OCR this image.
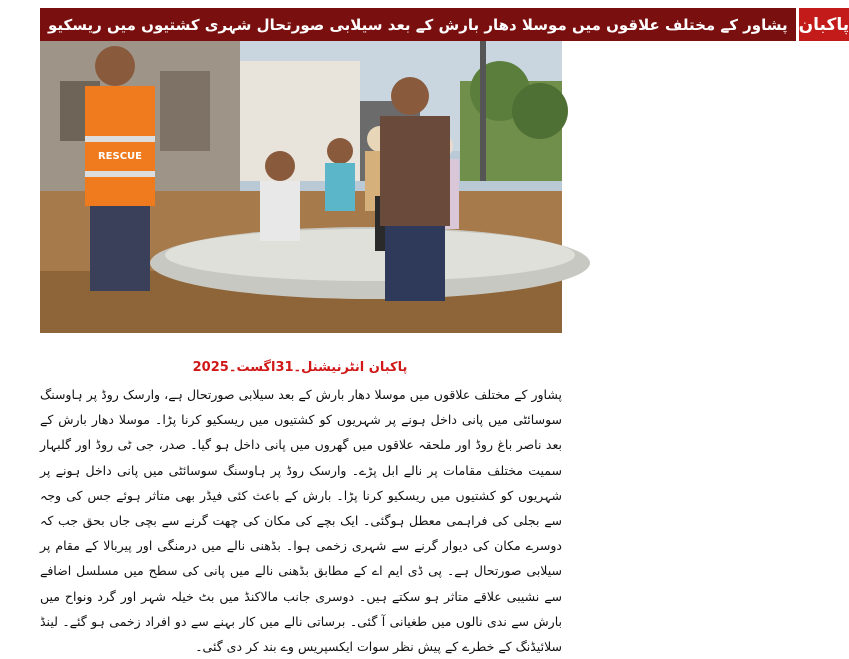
پشاور کے مختلف علاقوں میں موسلا دھار بارش کے بعد سیلابی صورتحال شہری کشتیوں میں ریسکیو پاکبان
RESCUE
پاکبان انٹرنیشنل۔31اگست۔2025

پشاور کے مختلف علاقوں میں موسلا دھار بارش کے بعد سیلابی صورتحال ہے، وارسک روڈ پر ہاوسنگ سوسائٹی میں پانی داخل ہونے پر شہریوں کو کشتیوں میں ریسکیو کرنا پڑا۔ موسلا دھار بارش کے بعد ناصر باغ روڈ اور ملحقہ علاقوں میں گھروں میں پانی داخل ہو گیا۔ صدر، جی ٹی روڈ اور گلبہار سمیت مختلف مقامات پر نالے ابل پڑے۔ وارسک روڈ پر ہاوسنگ سوسائٹی میں پانی داخل ہونے پر شہریوں کو کشتیوں میں ریسکیو کرنا پڑا۔ بارش کے باعث کئی فیڈر بھی متاثر ہوئے جس کی وجہ سے بجلی کی فراہمی معطل ہوگئی۔ ایک بچے کی مکان کی چھت گرنے سے بچی جاں بحق جب کہ دوسرے مکان کی دیوار گرنے سے شہری زخمی ہوا۔ بڈھنی نالے میں درمنگی اور پیربالا کے مقام پر سیلابی صورتحال ہے۔ پی ڈی ایم اے کے مطابق بڈھنی نالے میں پانی کی سطح میں مسلسل اضافے سے نشیبی علاقے متاثر ہو سکتے ہیں۔ دوسری جانب مالاکنڈ میں بٹ خیلہ شہر اور گرد ونواح میں بارش سے ندی نالوں میں طغیانی آ گئی۔ برساتی نالے میں کار بہنے سے دو افراد زخمی ہو گئے۔ لینڈ سلائیڈنگ کے خطرے کے پیش نظر سوات ایکسپریس وے بند کر دی گئی۔
